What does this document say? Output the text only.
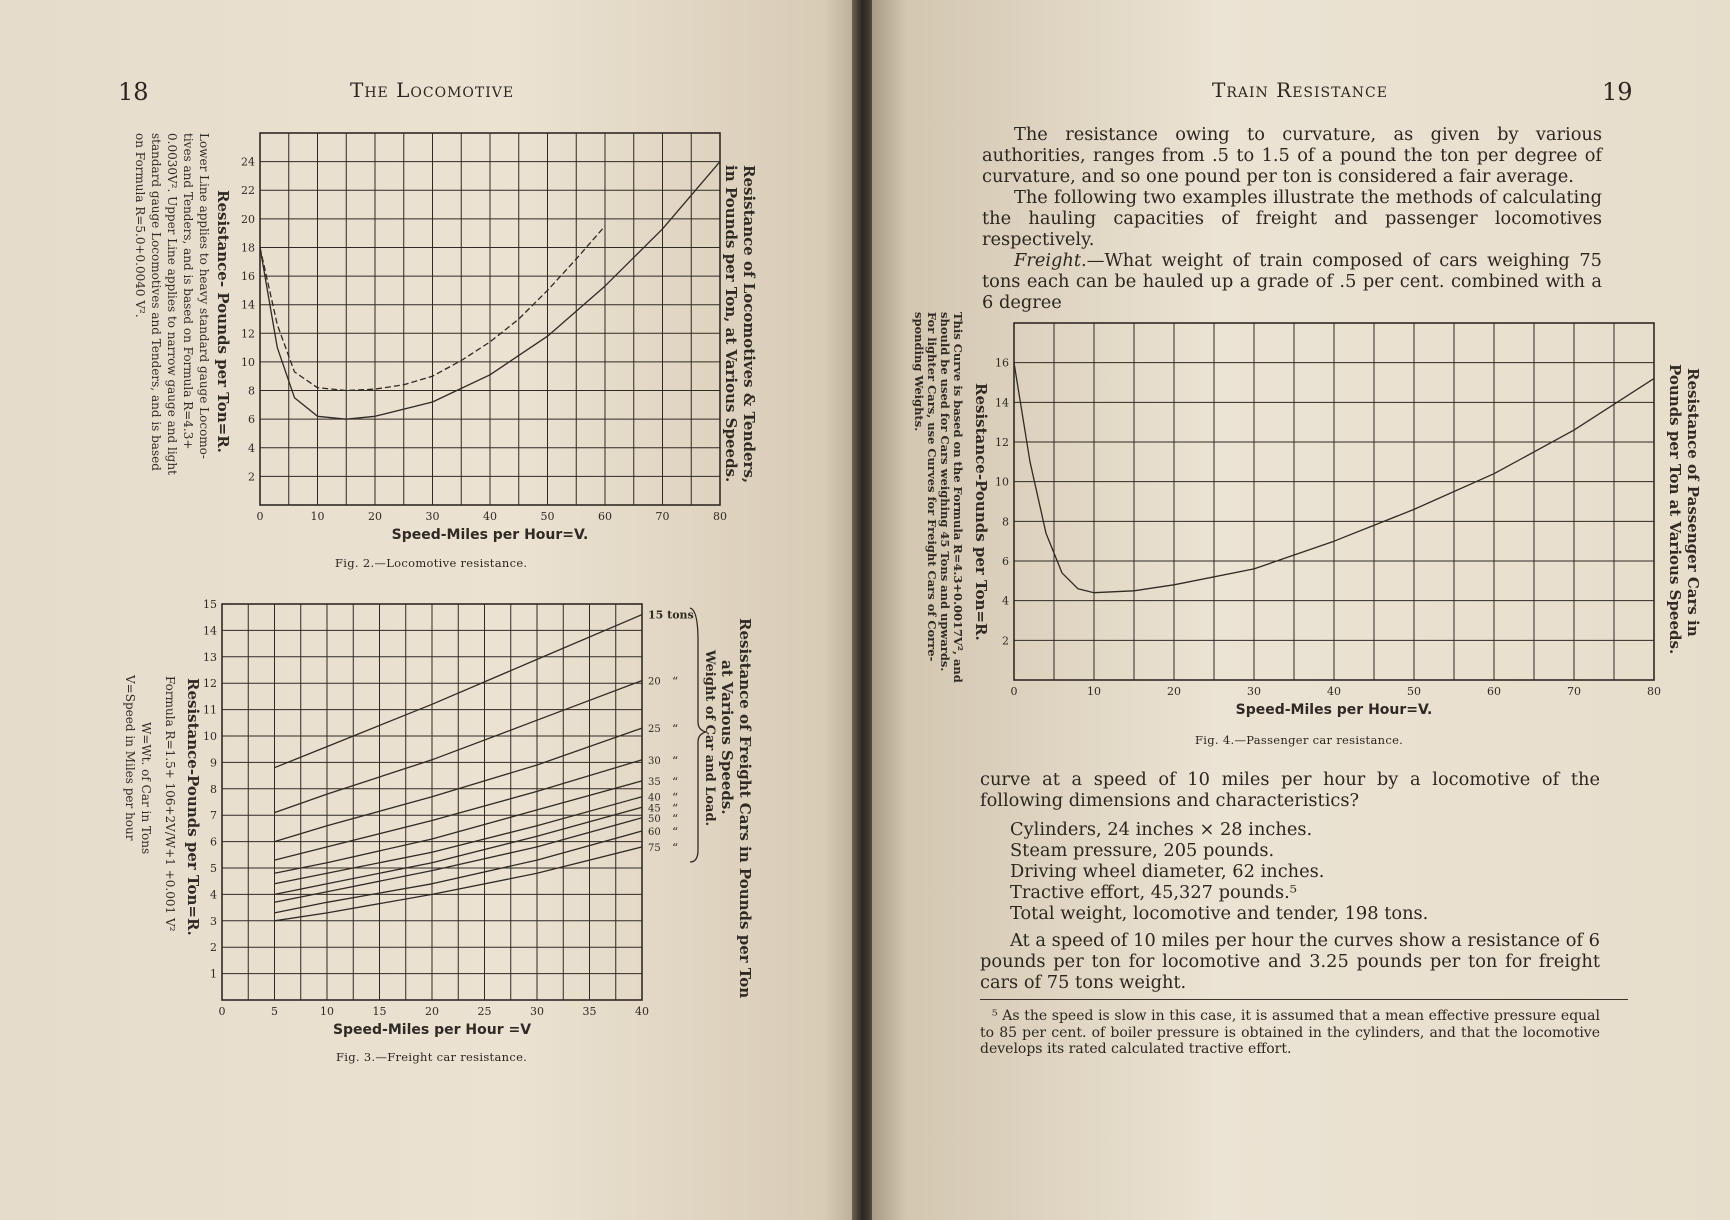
18	The Locomotive
0	10	20	30	40	50	60	70	80
2
4
6
8
10
12
14
16
18
20
22
24
Speed-Miles per Hour=V.
Resistance of Locomotives & Tenders,
in Pounds per Ton, at Various Speeds.
Resistance- Pounds per Ton=R.
Lower Line applies to heavy standard gauge Locomo-
tives and Tenders, and is based on Formula R=4.3+
0.0030V². Upper Line applies to narrow gauge and light
standard gauge Locomotives and Tenders, and is based
on Formula R=5.0+0.0040 V².
Fig. 2.—Locomotive resistance.
0	5	10	15	20	25	30	35	40
1
2
3
4
5
6
7
8
9
10
11
12
13
14
15
Speed-Miles per Hour =V
15 tons
20 “
25 “
30 “
35 “
40 “
45 “
50 “
60 “
75 “	Resistance of Freight Cars in Pounds per Ton
at Various Speeds.
Weight of Car and Load.
Resistance-Pounds per Ton=R.
Formula R=1.5+ 106+2V/W+1 +0.001 V²
W=Wt. of Car in Tons
V=Speed in Miles per hour
Fig. 3.—Freight car resistance.
Train Resistance	19

The resistance owing to curvature, as given by various authorities, ranges from .5 to 1.5 of a pound the ton per degree of curvature, and so one pound per ton is considered a fair average.

The following two examples illustrate the methods of calculating the hauling capacities of freight and passenger locomotives respectively.

Freight.—What weight of train composed of cars weighing 75 tons each can be hauled up a grade of .5 per cent. combined with a 6 degree

0	10	20	30	40	50	60	70	80
2
4
6
8
10
12
14
16
Speed-Miles per Hour=V.
Resistance of Passenger Cars in
Pounds per Ton at Various Speeds.
Resistance-Pounds per Ton=R.
This Curve is based on the Formula R=4.3+0.0017V², and
should be used for Cars weighing 45 Tons and upwards.
For lighter Cars, use Curves for Freight Cars of Corre-
sponding Weights.
Fig. 4.—Passenger car resistance.

curve at a speed of 10 miles per hour by a locomotive of the following dimensions and characteristics?

Cylinders, 24 inches × 28 inches.
Steam pressure, 205 pounds.
Driving wheel diameter, 62 inches.
Tractive effort, 45,327 pounds.⁵
Total weight, locomotive and tender, 198 tons.

At a speed of 10 miles per hour the curves show a resistance of 6 pounds per ton for locomotive and 3.25 pounds per ton for freight cars of 75 tons weight.

⁵ As the speed is slow in this case, it is assumed that a mean effective pressure equal to 85 per cent. of boiler pressure is obtained in the cylinders, and that the locomotive develops its rated calculated tractive effort.
